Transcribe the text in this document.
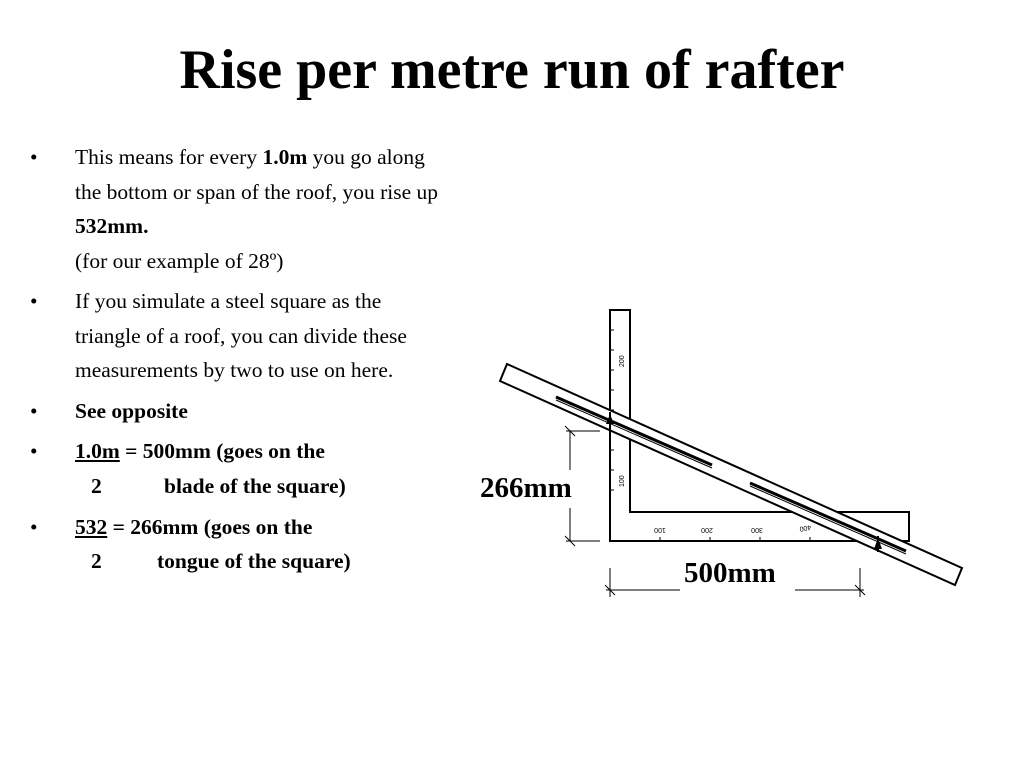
Rise per metre run of rafter
• This means for every 1.0m you go along the bottom or span of the roof, you rise up 532mm.
(for our example of 28º)
• If you simulate a steel square as the triangle of a roof, you can divide these measurements by two to use on here.
• See opposite
• 1.0m = 500mm (goes on the
2	blade of the square)
• 532 = 266mm (goes on the
2	tongue of the square)
200
100
100	200	300	400
266mm
500mm
